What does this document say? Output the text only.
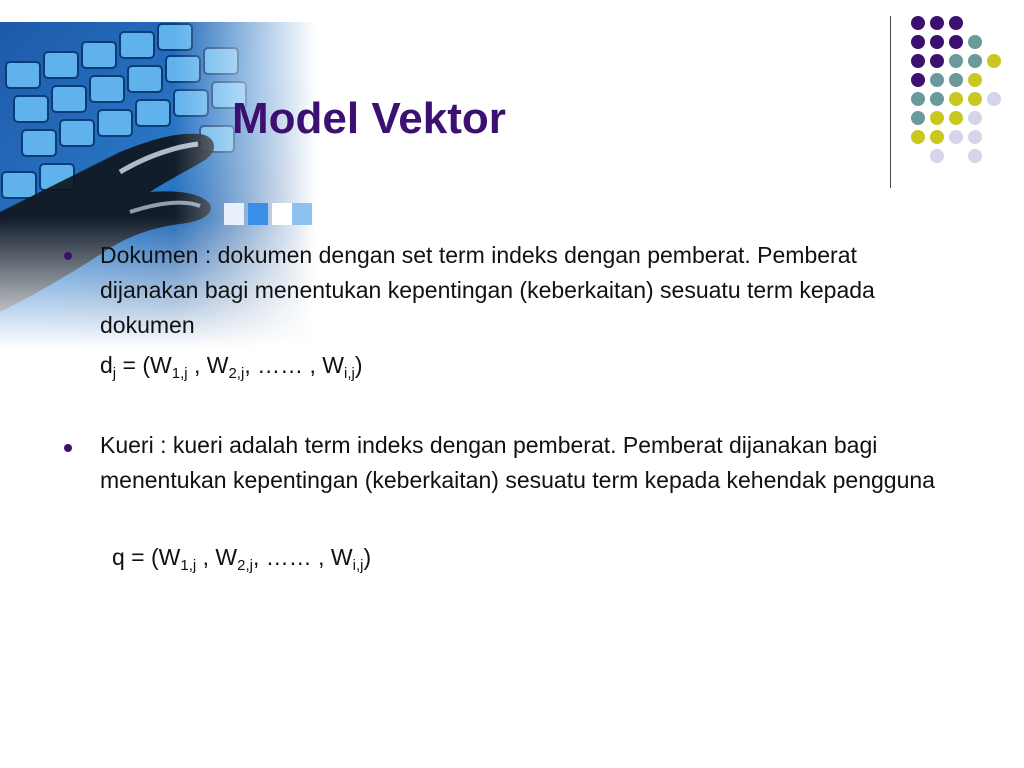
Model Vektor

Dokumen : dokumen dengan set term indeks dengan pemberat. Pemberat dijanakan bagi menentukan kepentingan (keberkaitan) sesuatu term kepada dokumen

$d_j = (W_{1,j}$ , $W_{2,j}$, …… , $W_{i,j}$)

Kueri : kueri adalah term indeks dengan pemberat. Pemberat dijanakan bagi menentukan kepentingan (keberkaitan) sesuatu term kepada kehendak pengguna

$q = (W_{1,j}$ , $W_{2,j}$, …… , $W_{i,j}$)
